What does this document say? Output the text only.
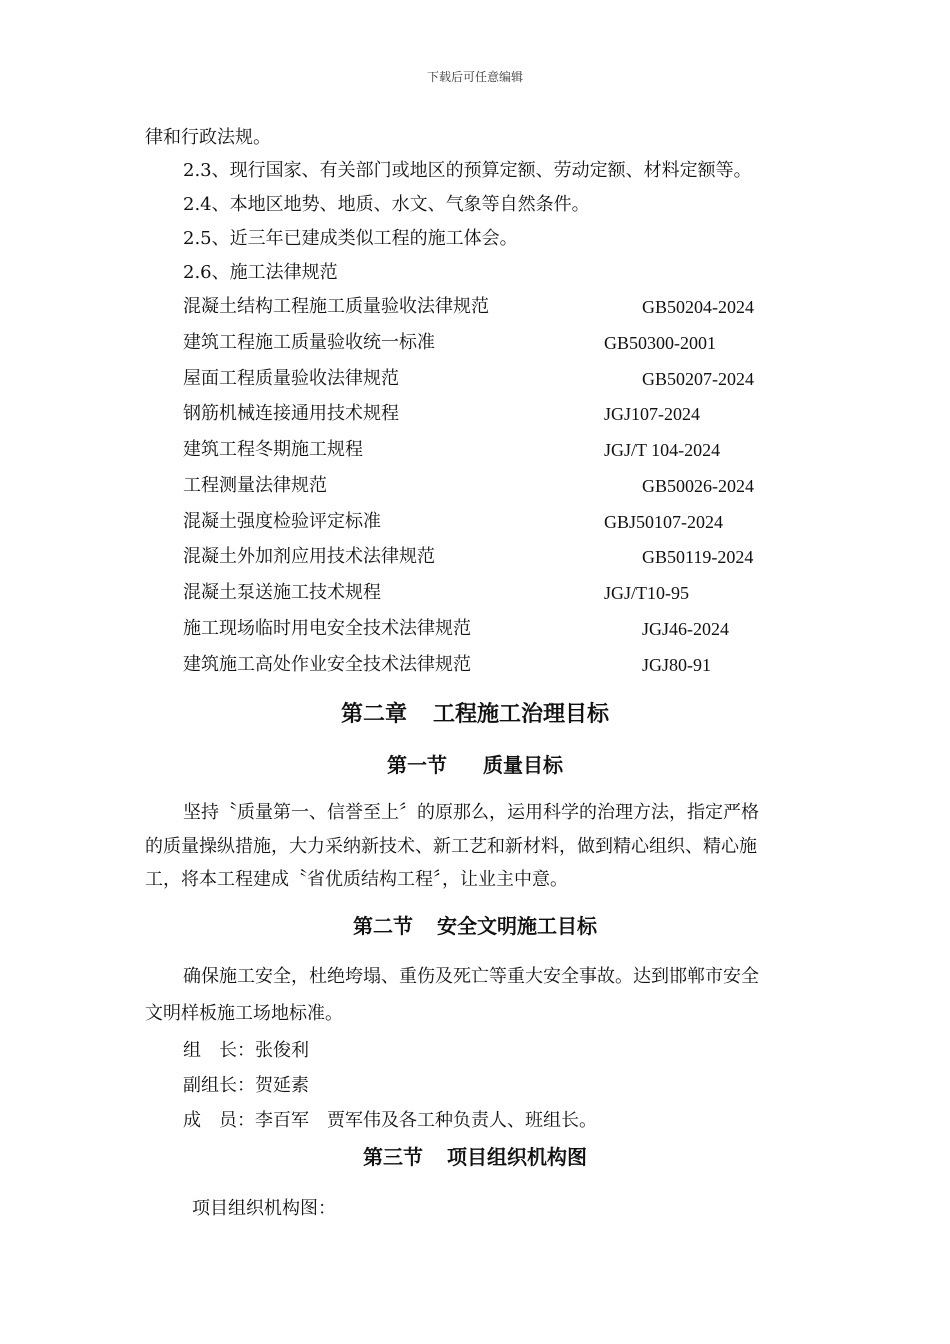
下载后可任意编辑
律和行政法规。
2.3、现行国家、有关部门或地区的预算定额、劳动定额、材料定额等。
2.4、本地区地势、地质、水文、气象等自然条件。
2.5、近三年已建成类似工程的施工体会。
2.6、施工法律规范
混凝土结构工程施工质量验收法律规范	GB50204-2024
建筑工程施工质量验收统一标准	GB50300-2001
屋面工程质量验收法律规范	GB50207-2024
钢筋机械连接通用技术规程	JGJ107-2024
建筑工程冬期施工规程	JGJ/T 104-2024
工程测量法律规范	GB50026-2024
混凝土强度检验评定标准	GBJ50107-2024
混凝土外加剂应用技术法律规范	GB50119-2024
混凝土泵送施工技术规程	JGJ/T10-95
施工现场临时用电安全技术法律规范	JGJ46-2024
建筑施工高处作业安全技术法律规范	JGJ80-91
第二章 工程施工治理目标
第一节 质量目标
坚持〝质量第一、信誉至上〞的原那么，运用科学的治理方法，指定严格
的质量操纵措施，大力采纳新技术、新工艺和新材料，做到精心组织、精心施
工，将本工程建成〝省优质结构工程〞，让业主中意。
第二节 安全文明施工目标
确保施工安全，杜绝垮塌、重伤及死亡等重大安全事故。达到邯郸市安全
文明样板施工场地标准。
组　长：张俊利
副组长：贺延素
成　员：李百军　贾军伟及各工种负责人、班组长。
第三节 项目组织机构图
项目组织机构图：
